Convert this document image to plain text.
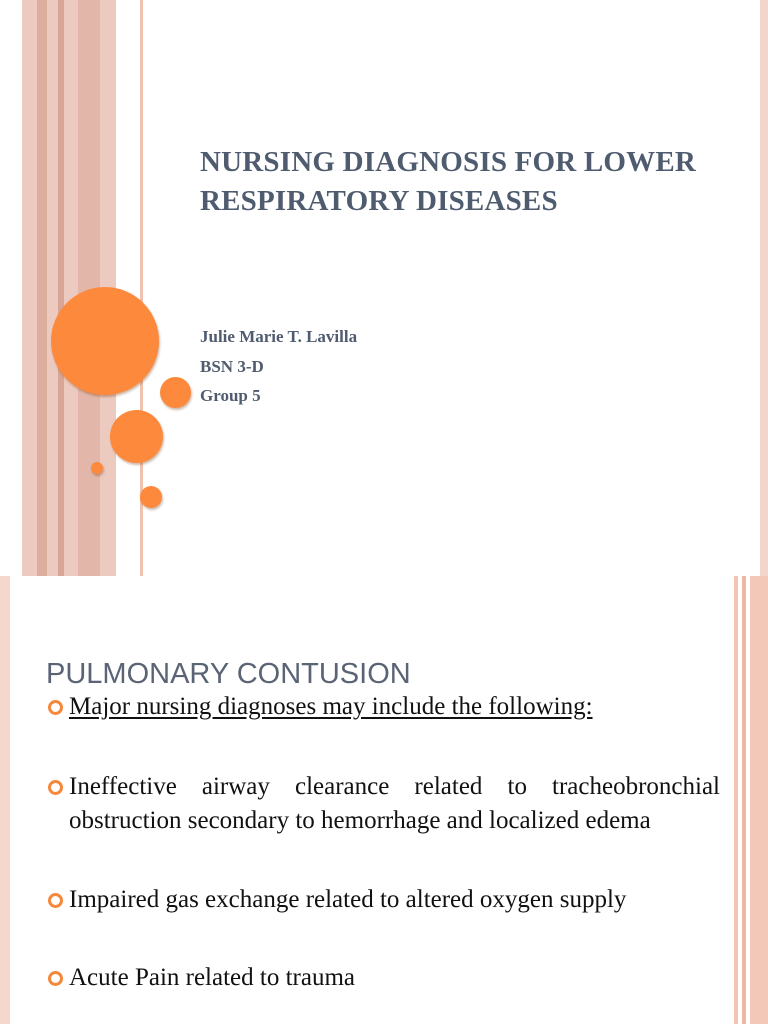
NURSING DIAGNOSIS FOR LOWER RESPIRATORY DISEASES
Julie Marie T. Lavilla
BSN 3-D
Group 5
PULMONARY CONTUSION
Major nursing diagnoses may include the following:
Ineffective airway clearance related to tracheobronchial obstruction secondary to hemorrhage and localized edema
Impaired gas exchange related to altered oxygen supply
Acute Pain related to trauma
